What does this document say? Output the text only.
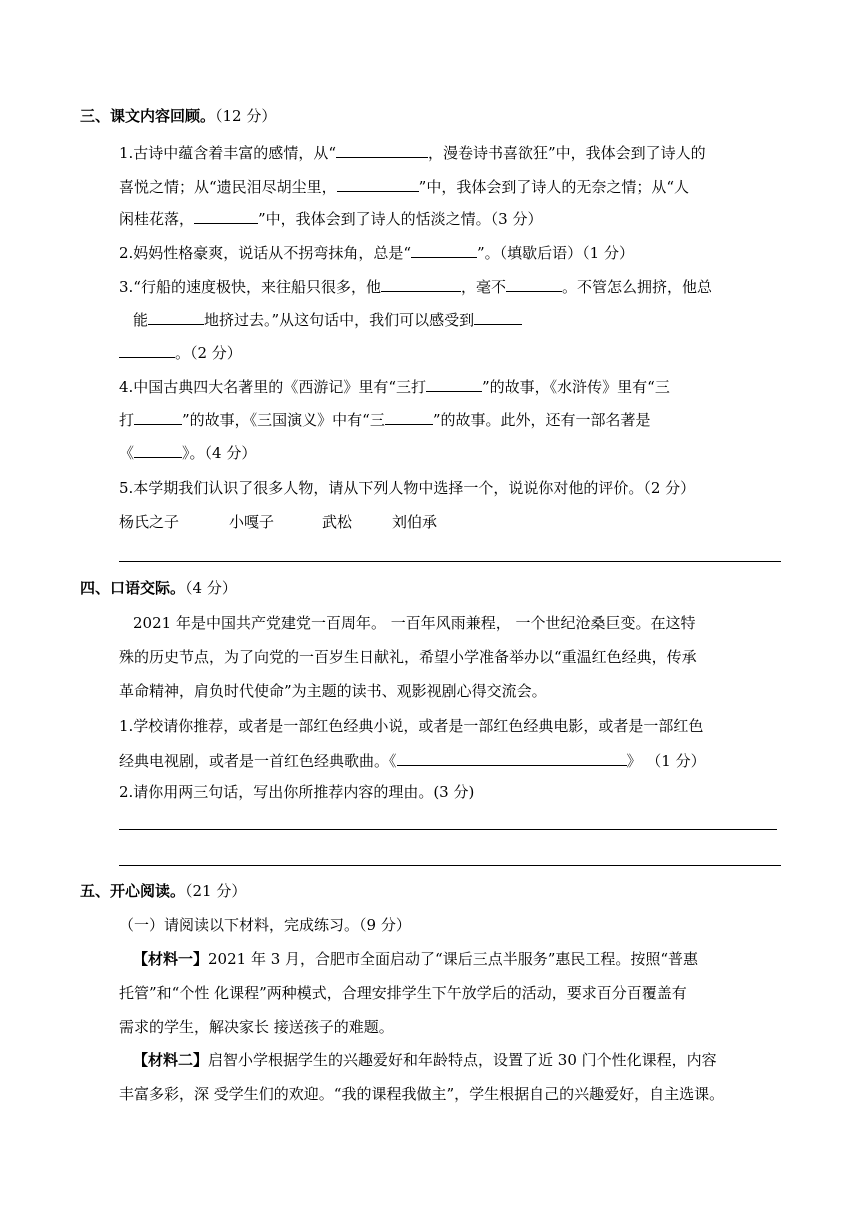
三、课文内容回顾。（12 分）
1.古诗中蕴含着丰富的感情，从“	，漫卷诗书喜欲狂”中，我体会到了诗人的
喜悦之情；从“遗民泪尽胡尘里，	”中，我体会到了诗人的无奈之情；从“人
闲桂花落，	”中，我体会到了诗人的恬淡之情。（3 分）
2.妈妈性格豪爽，说话从不拐弯抹角，总是“	”。（填歇后语）（1 分）
3.“行船的速度极快，来往船只很多，他	，毫不	。不管怎么拥挤，他总
能	地挤过去。”从这句话中，我们可以感受到
。（2 分）
4.中国古典四大名著里的《西游记》里有“三打	”的故事，《水浒传》里有“三
打	”的故事，《三国演义》中有“三	”的故事。此外，还有一部名著是
《	》。（4 分）
5.本学期我们认识了很多人物，请从下列人物中选择一个，说说你对他的评价。（2 分）
杨氏之子	小嘎子	武松	刘伯承
四、口语交际。（4 分）
2021 年是中国共产党建党一百周年。 一百年风雨兼程， 一个世纪沧桑巨变。在这特
殊的历史节点，为了向党的一百岁生日献礼，希望小学准备举办以“重温红色经典，传承
革命精神，肩负时代使命”为主题的读书、观影视剧心得交流会。
1.学校请你推荐，或者是一部红色经典小说，或者是一部红色经典电影，或者是一部红色
经典电视剧，或者是一首红色经典歌曲。《	》 （1 分）
2.请你用两三句话，写出你所推荐内容的理由。(3 分)
五、开心阅读。（21 分）
（一）请阅读以下材料，完成练习。（9 分）
【材料一】2021 年 3 月，合肥市全面启动了“课后三点半服务”惠民工程。按照“普惠
托管”和“个性 化课程”两种模式，合理安排学生下午放学后的活动，要求百分百覆盖有
需求的学生，解决家长 接送孩子的难题。
【材料二】启智小学根据学生的兴趣爱好和年龄特点，设置了近 30 门个性化课程，内容
丰富多彩，深 受学生们的欢迎。“我的课程我做主”，学生根据自己的兴趣爱好，自主选课。
